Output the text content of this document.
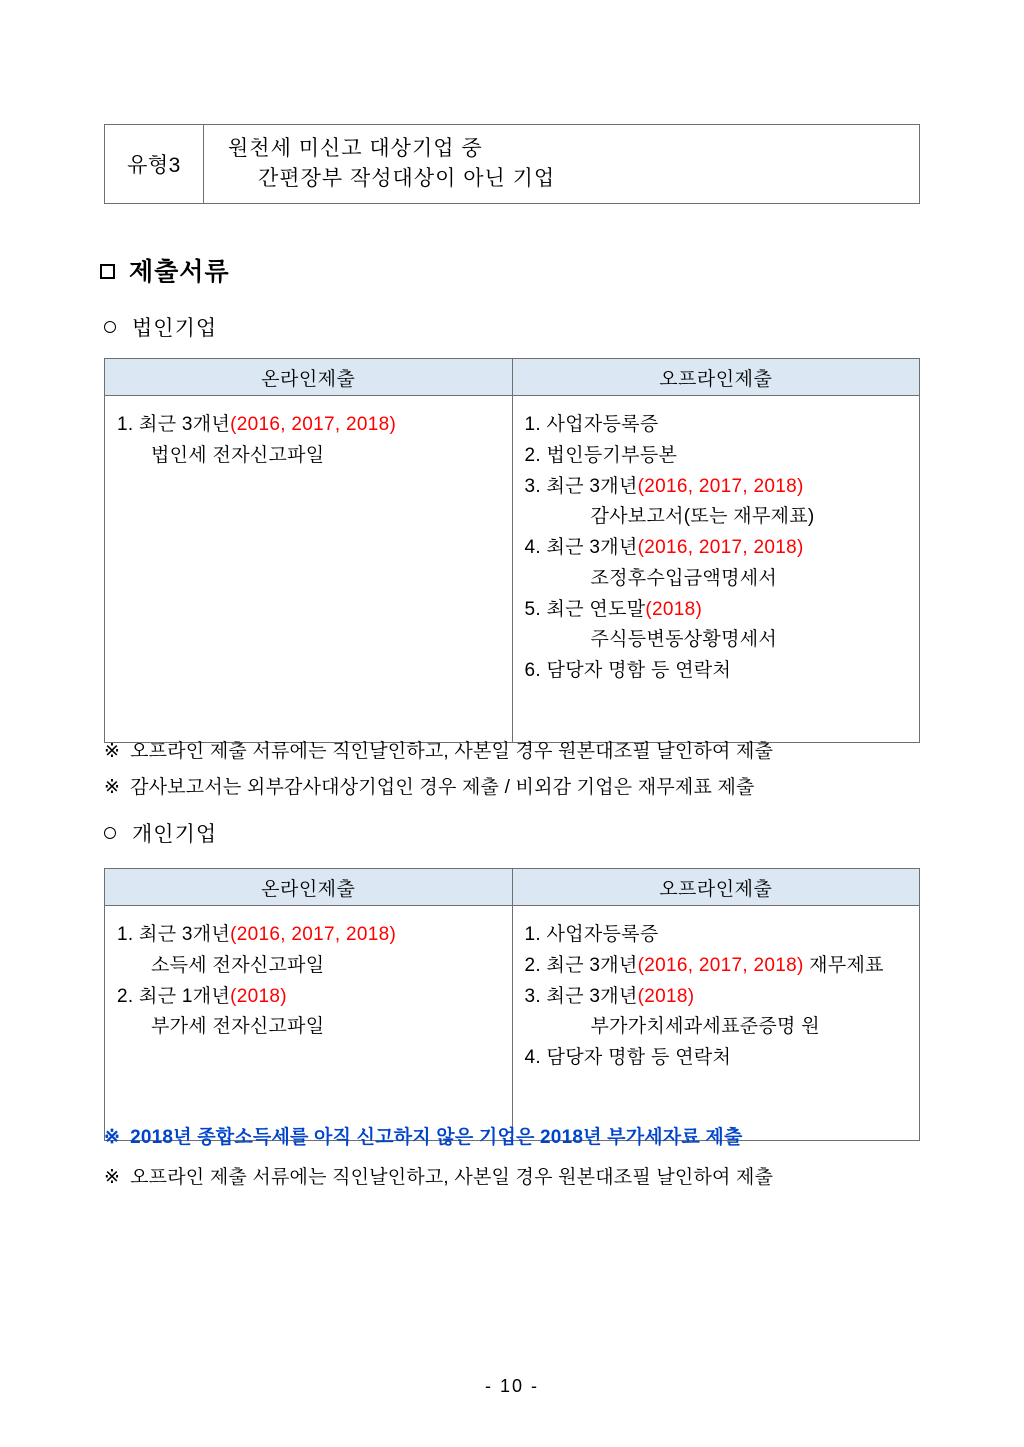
유형3
원천세 미신고 대상기업 중
간편장부 작성대상이 아닌 기업
제출서류
법인기업
온라인제출	오프라인제출

1. 최근 3개년(2016, 2017, 2018)
법인세 전자신고파일

1. 사업자등록증
2. 법인등기부등본
3. 최근 3개년(2016, 2017, 2018)
감사보고서(또는 재무제표)
4. 최근 3개년(2016, 2017, 2018)
조정후수입금액명세서
5. 최근 연도말(2018)
주식등변동상황명세서
6. 담당자 명함 등 연락처
※ 오프라인 제출 서류에는 직인날인하고, 사본일 경우 원본대조필 날인하여 제출
※ 감사보고서는 외부감사대상기업인 경우 제출 / 비외감 기업은 재무제표 제출
개인기업
온라인제출	오프라인제출

1. 최근 3개년(2016, 2017, 2018)
소득세 전자신고파일
2. 최근 1개년(2018)
부가세 전자신고파일

1. 사업자등록증
2. 최근 3개년(2016, 2017, 2018) 재무제표
3. 최근 3개년(2018)
부가가치세과세표준증명 원
4. 담당자 명함 등 연락처
※ 2018년 종합소득세를 아직 신고하지 않은 기업은 2018년 부가세자료 제출
※ 오프라인 제출 서류에는 직인날인하고, 사본일 경우 원본대조필 날인하여 제출
- 10 -
